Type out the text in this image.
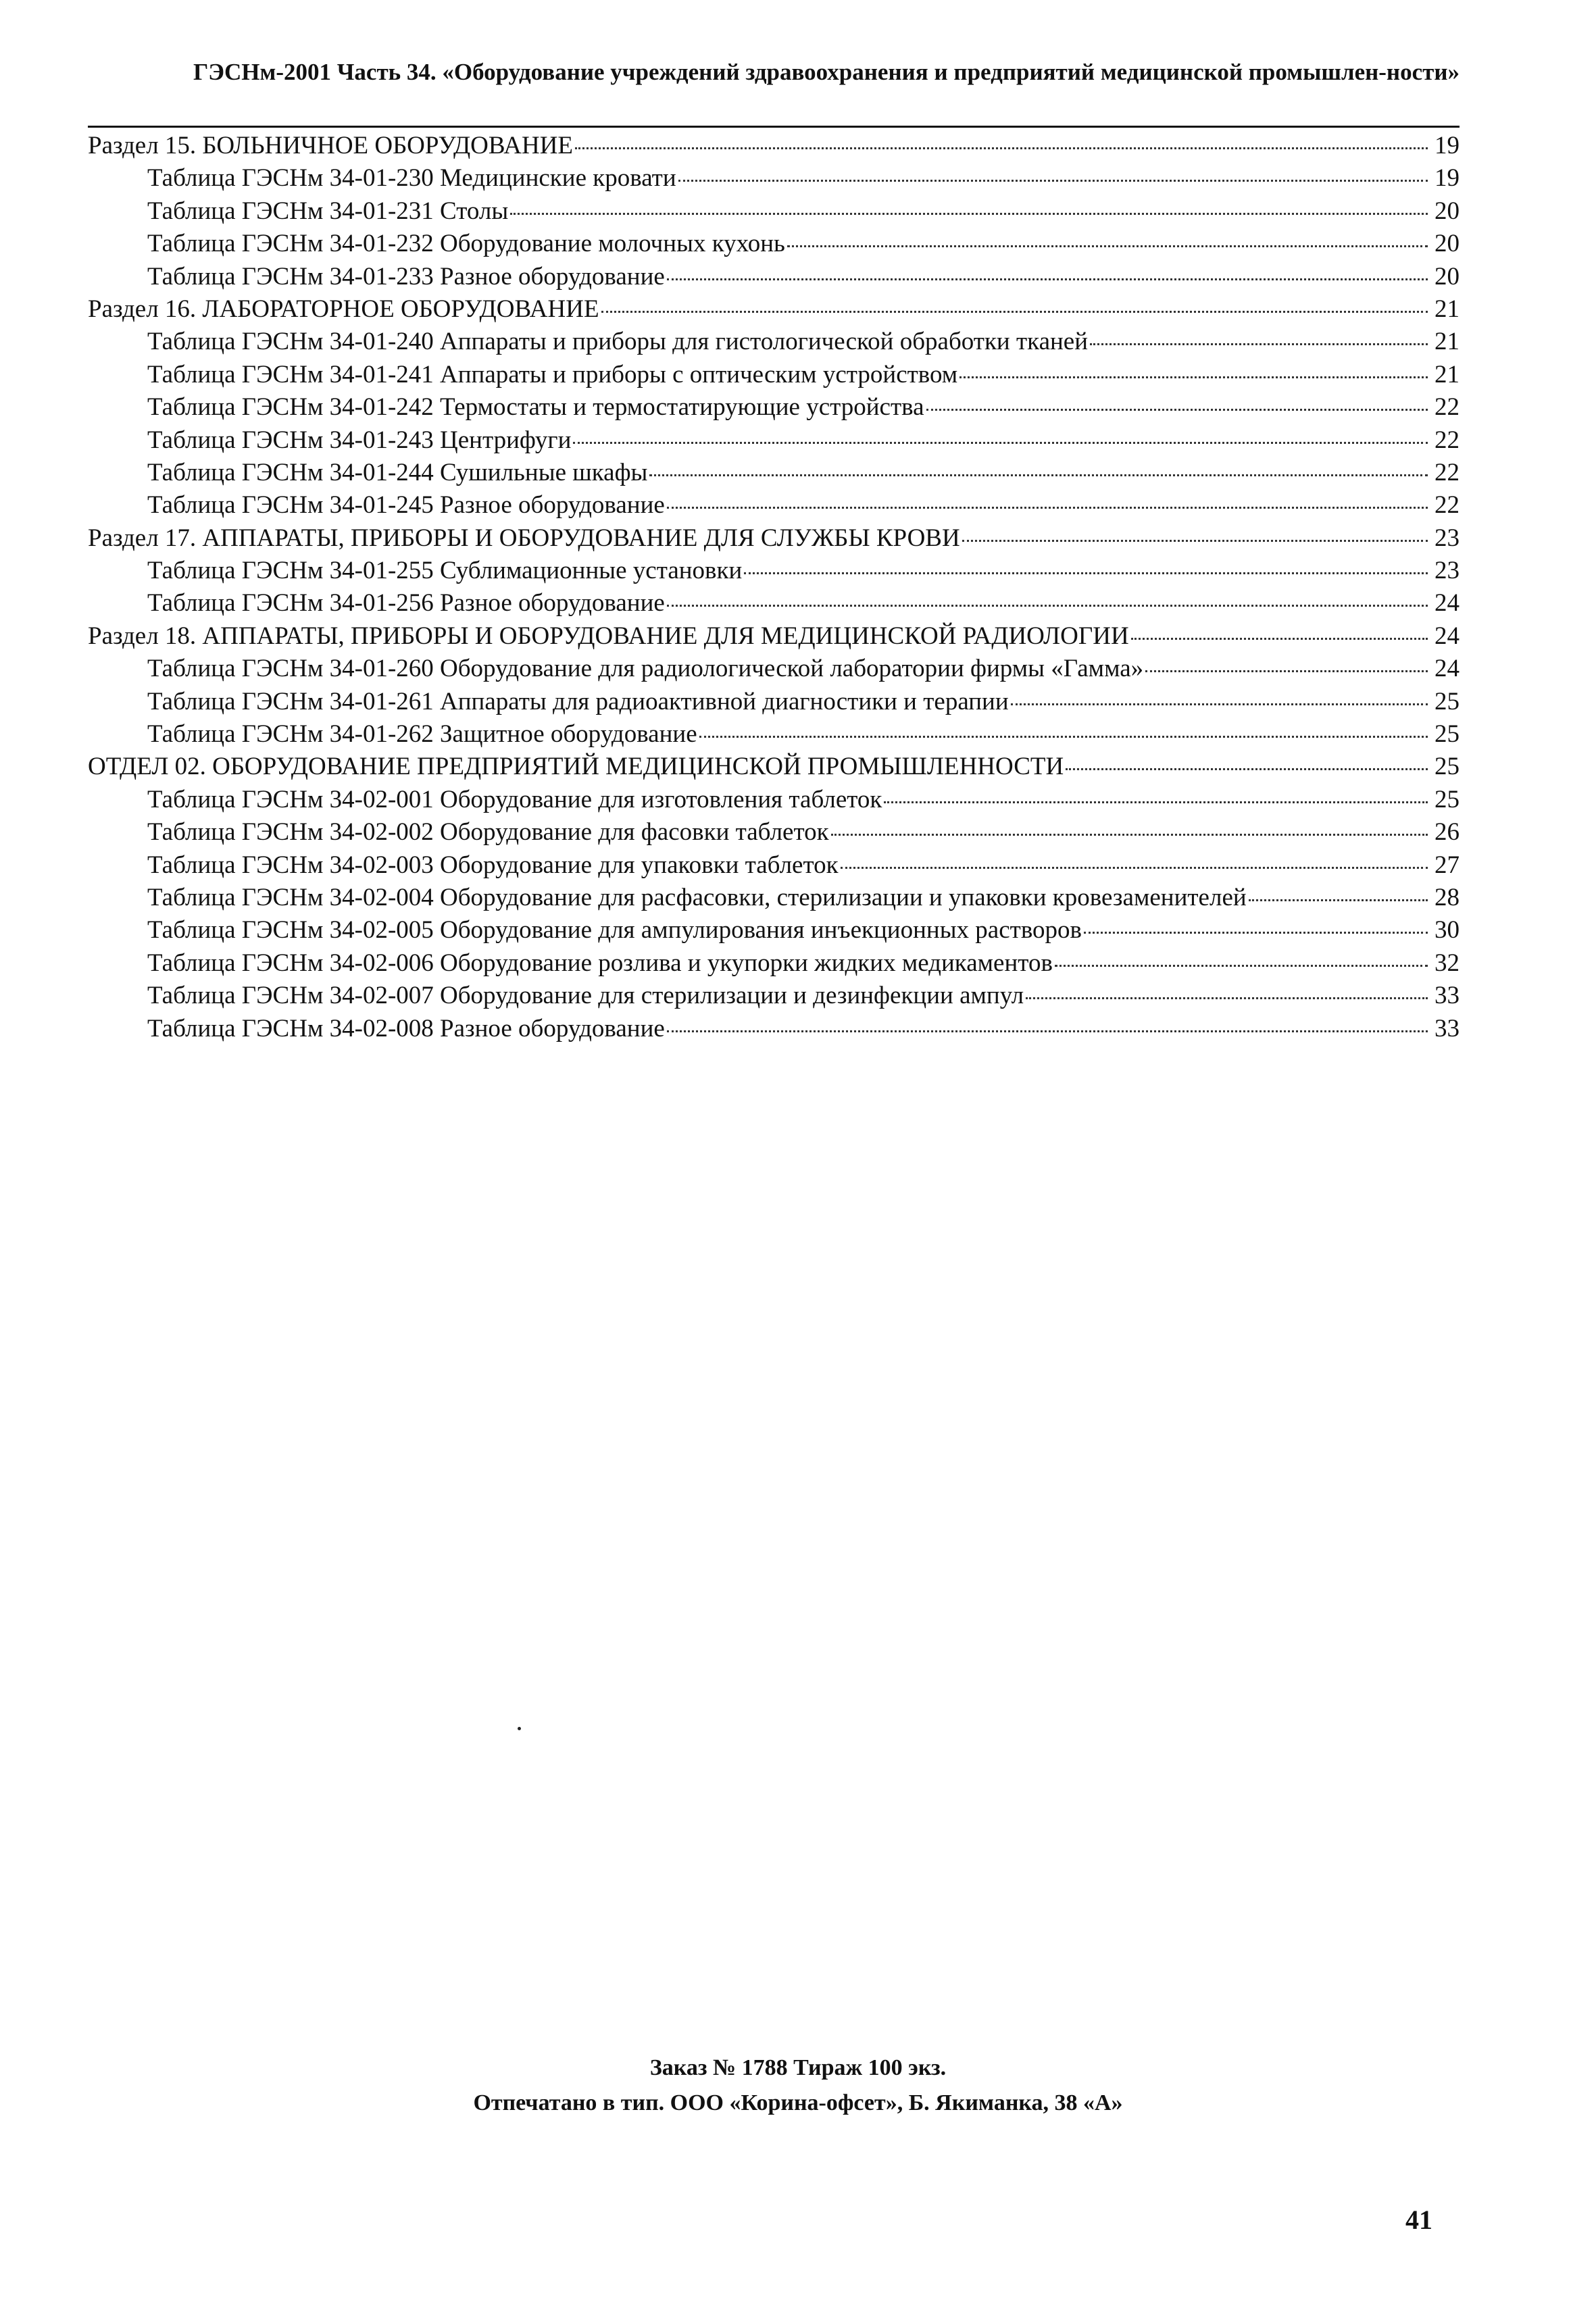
ГЭСНм-2001 Часть 34. «Оборудование учреждений здравоохранения и предприятий медицинской промышлен-ности»
Раздел 15. БОЛЬНИЧНОЕ ОБОРУДОВАНИЕ	19
Таблица ГЭСНм 34-01-230 Медицинские кровати	19
Таблица ГЭСНм 34-01-231 Столы	20
Таблица ГЭСНм 34-01-232 Оборудование молочных кухонь	20
Таблица ГЭСНм 34-01-233 Разное оборудование	20
Раздел 16. ЛАБОРАТОРНОЕ ОБОРУДОВАНИЕ	21
Таблица ГЭСНм 34-01-240 Аппараты и приборы для гистологической обработки тканей	21
Таблица ГЭСНм 34-01-241 Аппараты и приборы с оптическим устройством	21
Таблица ГЭСНм 34-01-242 Термостаты и термостатирующие устройства	22
Таблица ГЭСНм 34-01-243 Центрифуги	22
Таблица ГЭСНм 34-01-244 Сушильные шкафы	22
Таблица ГЭСНм 34-01-245 Разное оборудование	22
Раздел 17. АППАРАТЫ, ПРИБОРЫ И ОБОРУДОВАНИЕ ДЛЯ СЛУЖБЫ КРОВИ	23
Таблица ГЭСНм 34-01-255 Сублимационные установки	23
Таблица ГЭСНм 34-01-256 Разное оборудование	24
Раздел 18. АППАРАТЫ, ПРИБОРЫ И ОБОРУДОВАНИЕ ДЛЯ МЕДИЦИНСКОЙ РАДИОЛОГИИ	24
Таблица ГЭСНм 34-01-260 Оборудование для радиологической лаборатории фирмы «Гамма»	24
Таблица ГЭСНм 34-01-261 Аппараты для радиоактивной диагностики и терапии	25
Таблица ГЭСНм 34-01-262 Защитное оборудование	25
ОТДЕЛ 02. ОБОРУДОВАНИЕ ПРЕДПРИЯТИЙ МЕДИЦИНСКОЙ ПРОМЫШЛЕННОСТИ	25
Таблица ГЭСНм 34-02-001 Оборудование для изготовления таблеток	25
Таблица ГЭСНм 34-02-002 Оборудование для фасовки таблеток	26
Таблица ГЭСНм 34-02-003 Оборудование для упаковки таблеток	27
Таблица ГЭСНм 34-02-004 Оборудование для расфасовки, стерилизации и упаковки кровезаменителей	28
Таблица ГЭСНм 34-02-005 Оборудование для ампулирования инъекционных растворов	30
Таблица ГЭСНм 34-02-006 Оборудование розлива и укупорки жидких медикаментов	32
Таблица ГЭСНм 34-02-007 Оборудование для стерилизации и дезинфекции ампул	33
Таблица ГЭСНм 34-02-008 Разное оборудование	33
Заказ № 1788 Тираж 100 экз.
Отпечатано в тип. ООО «Корина-офсет», Б. Якиманка, 38 «А»
41
